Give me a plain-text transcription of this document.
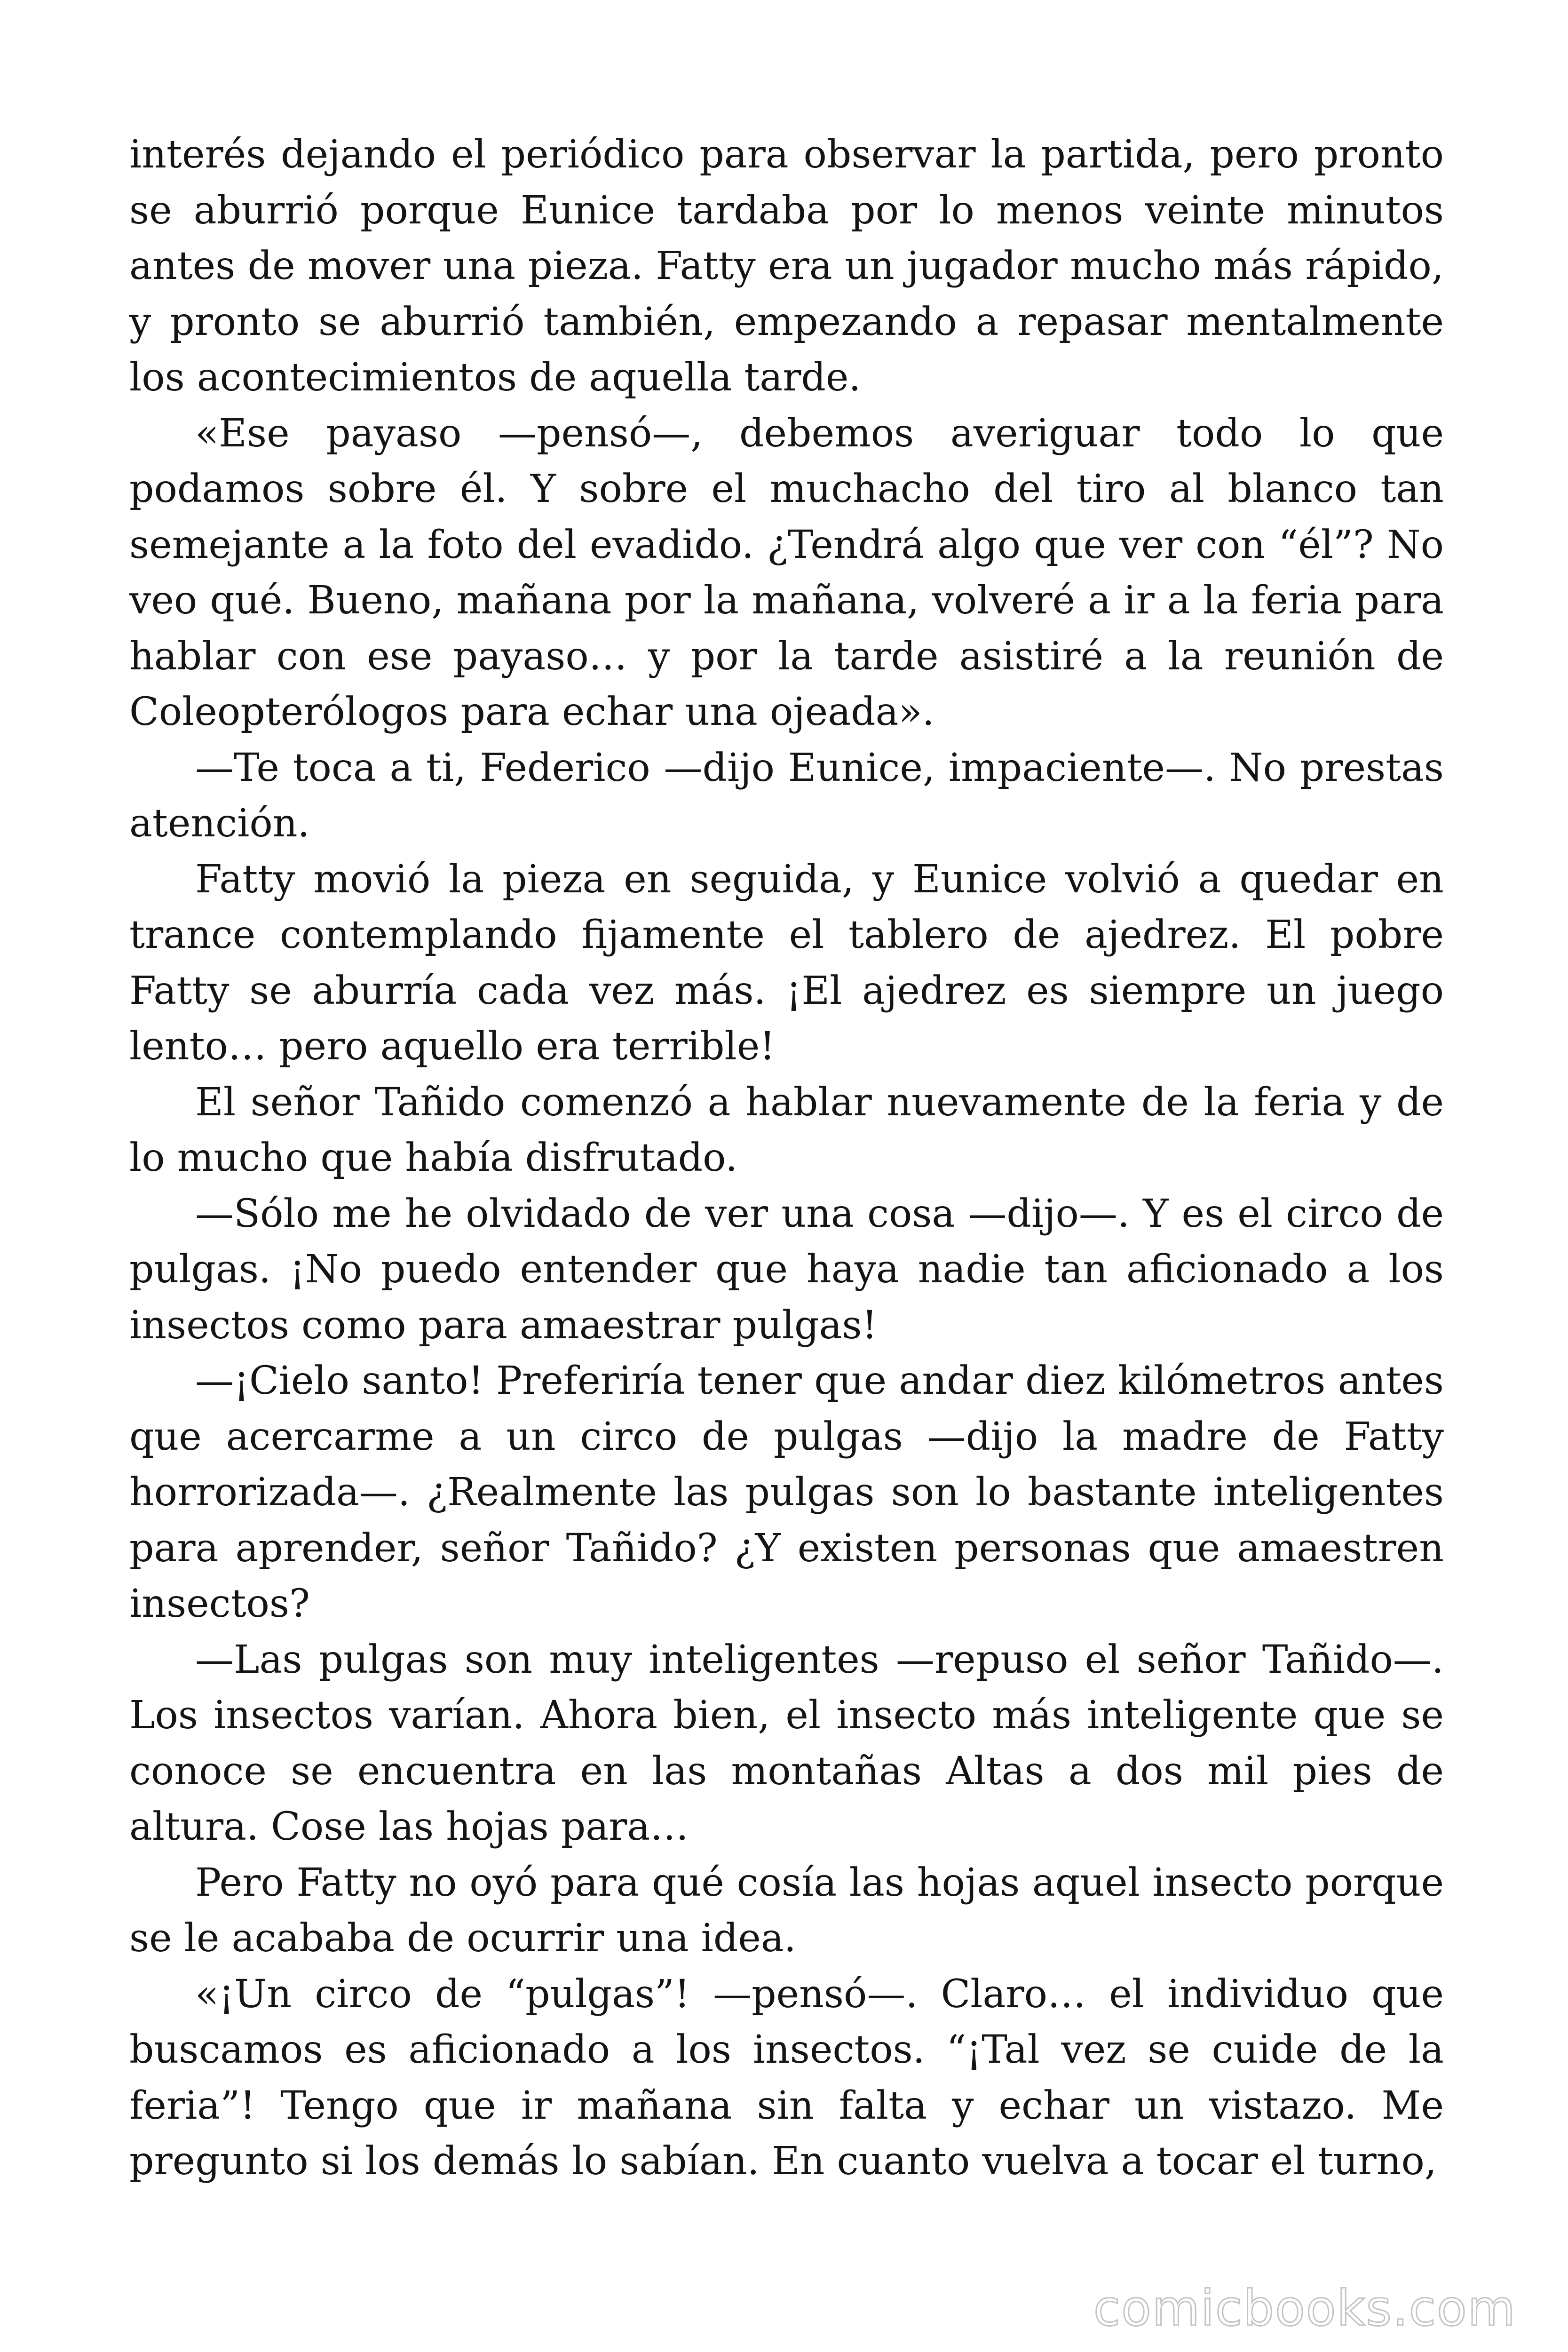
interés dejando el periódico para observar la partida, pero pronto se aburrió porque Eunice tardaba por lo menos veinte minutos antes de mover una pieza. Fatty era un jugador mucho más rápido, y pronto se aburrió también, empezando a repasar mentalmente los acontecimientos de aquella tarde.

«Ese payaso —pensó—, debemos averiguar todo lo que podamos sobre él. Y sobre el muchacho del tiro al blanco tan semejante a la foto del evadido. ¿Tendrá algo que ver con “él”? No veo qué. Bueno, mañana por la mañana, volveré a ir a la feria para hablar con ese payaso… y por la tarde asistiré a la reunión de Coleopterólogos para echar una ojeada».

—Te toca a ti, Federico —dijo Eunice, impaciente—. No prestas atención.

Fatty movió la pieza en seguida, y Eunice volvió a quedar en trance contemplando fijamente el tablero de ajedrez. El pobre Fatty se aburría cada vez más. ¡El ajedrez es siempre un juego lento… pero aquello era terrible!

El señor Tañido comenzó a hablar nuevamente de la feria y de lo mucho que había disfrutado.

—Sólo me he olvidado de ver una cosa —dijo—. Y es el circo de pulgas. ¡No puedo entender que haya nadie tan aficionado a los insectos como para amaestrar pulgas!

—¡Cielo santo! Preferiría tener que andar diez kilómetros antes que acercarme a un circo de pulgas —dijo la madre de Fatty horrorizada—. ¿Realmente las pulgas son lo bastante inteligentes para aprender, señor Tañido? ¿Y existen personas que amaestren insectos?

—Las pulgas son muy inteligentes —repuso el señor Tañido—. Los insectos varían. Ahora bien, el insecto más inteligente que se conoce se encuentra en las montañas Altas a dos mil pies de altura. Cose las hojas para…

Pero Fatty no oyó para qué cosía las hojas aquel insecto porque se le acababa de ocurrir una idea.

«¡Un circo de “pulgas”! —pensó—. Claro… el individuo que buscamos es aficionado a los insectos. “¡Tal vez se cuide de la feria”! Tengo que ir mañana sin falta y echar un vistazo. Me pregunto si los demás lo sabían. En cuanto vuelva a tocar el turno,

comicbooks.com
